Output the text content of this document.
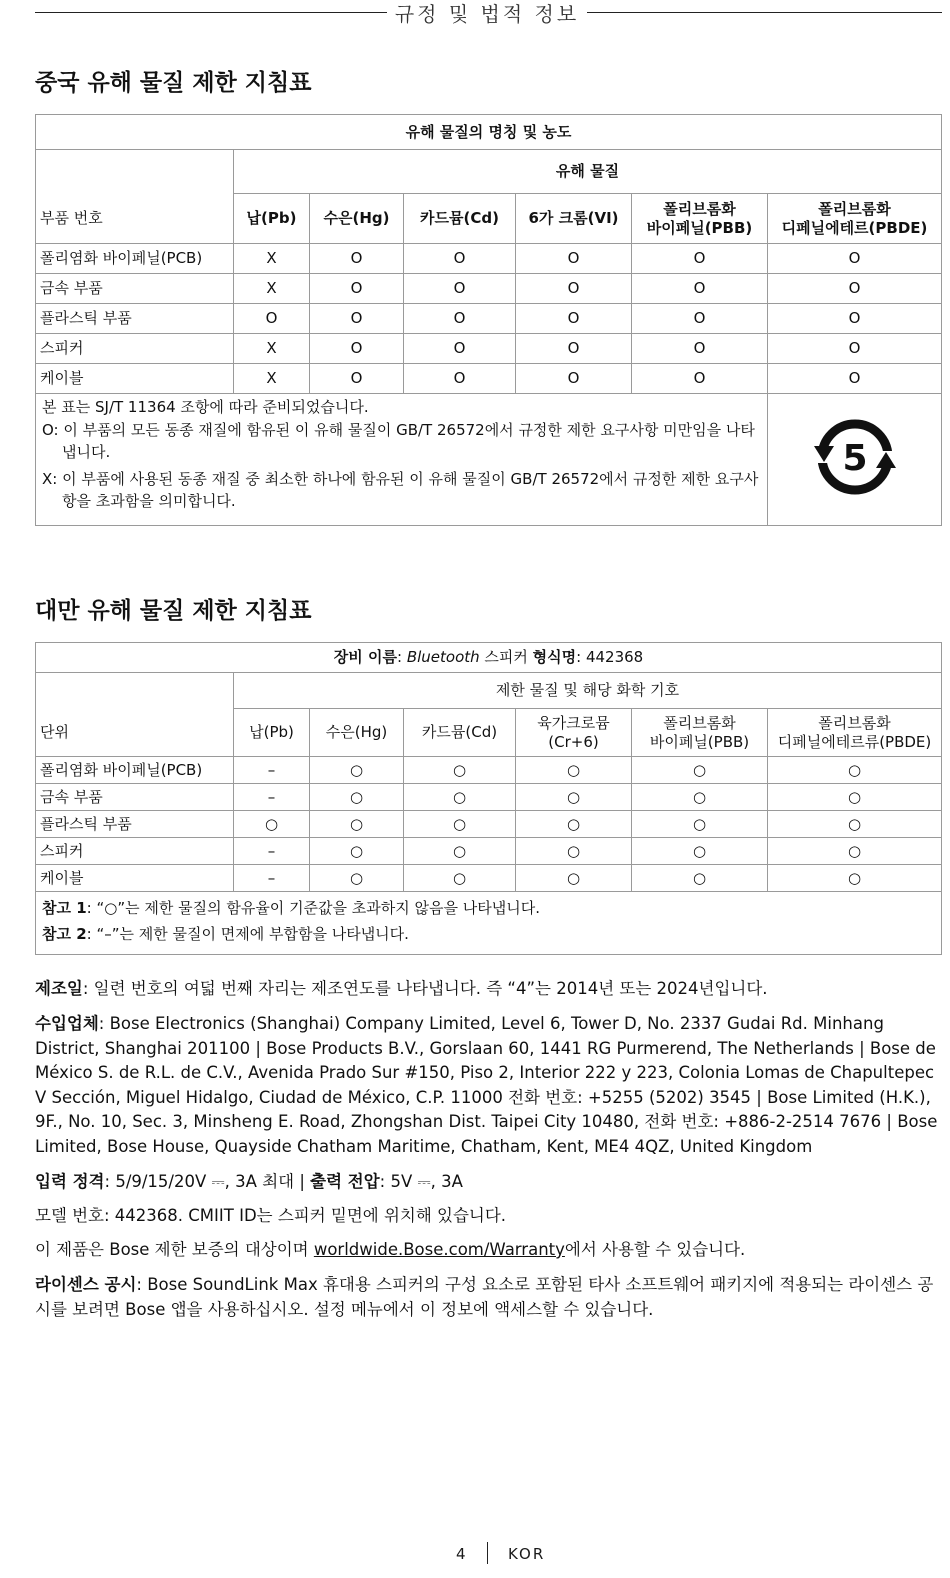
규정 및 법적 정보
중국 유해 물질 제한 지침표
유해 물질의 명칭 및 농도						
	유해 물질					
부품 번호	납(Pb)	수은(Hg)	카드뮴(Cd)	6가 크롬(VI)	폴리브롬화
바이페닐(PBB)	폴리브롬화
디페닐에테르(PBDE)
폴리염화 바이페닐(PCB)	X	O	O	O	O	O
금속 부품	X	O	O	O	O	O
플라스틱 부품	O	O	O	O	O	O
스피커	X	O	O	O	O	O
케이블	X	O	O	O	O	O

본 표는 SJ/T 11364 조항에 따라 준비되었습니다.

O: 이 부품의 모든 동종 재질에 함유된 이 유해 물질이 GB/T 26572에서 규정한 제한 요구사항 미만임을 나타냅니다.

X: 이 부품에 사용된 동종 재질 중 최소한 하나에 함유된 이 유해 물질이 GB/T 26572에서 규정한 제한 요구사항을 초과함을 의미합니다.						5
대만 유해 물질 제한 지침표
장비 이름: Bluetooth 스피커 형식명: 442368						
	제한 물질 및 해당 화학 기호					
단위	납(Pb)	수은(Hg)	카드뮴(Cd)	육가크로뮴
(Cr+6)	폴리브롬화
바이페닐(PBB)	폴리브롬화
디페닐에테르류(PBDE)
폴리염화 바이페닐(PCB)	–	○	○	○	○	○
금속 부품	–	○	○	○	○	○
플라스틱 부품	○	○	○	○	○	○
스피커	–	○	○	○	○	○
케이블	–	○	○	○	○	○

참고 1: “○”는 제한 물질의 함유율이 기준값을 초과하지 않음을 나타냅니다.

참고 2: “–”는 제한 물질이 면제에 부합함을 나타냅니다.						

제조일: 일련 번호의 여덟 번째 자리는 제조연도를 나타냅니다. 즉 “4”는 2014년 또는 2024년입니다.

수입업체: Bose Electronics (Shanghai) Company Limited, Level 6, Tower D, No. 2337 Gudai Rd. Minhang District, Shanghai 201100 | Bose Products B.V., Gorslaan 60, 1441 RG Purmerend, The Netherlands | Bose de México S. de R.L. de C.V., Avenida Prado Sur #150, Piso 2, Interior 222 y 223, Colonia Lomas de Chapultepec V Sección, Miguel Hidalgo, Ciudad de México, C.P. 11000 전화 번호: +5255 (5202) 3545 | Bose Limited (H.K.), 9F., No. 10, Sec. 3, Minsheng E. Road, Zhongshan Dist. Taipei City 10480, 전화 번호: +886-2-2514 7676 | Bose Limited, Bose House, Quayside Chatham Maritime, Chatham, Kent, ME4 4QZ, United Kingdom

입력 정격: 5/9/15/20V ⎓, 3A 최대 | 출력 전압: 5V ⎓, 3A

모델 번호: 442368. CMIIT ID는 스피커 밑면에 위치해 있습니다.

이 제품은 Bose 제한 보증의 대상이며 worldwide.Bose.com/Warranty에서 사용할 수 있습니다.

라이센스 공시: Bose SoundLink Max 휴대용 스피커의 구성 요소로 포함된 타사 소프트웨어 패키지에 적용되는 라이센스 공시를 보려면 Bose 앱을 사용하십시오. 설정 메뉴에서 이 정보에 액세스할 수 있습니다.

4	KOR
